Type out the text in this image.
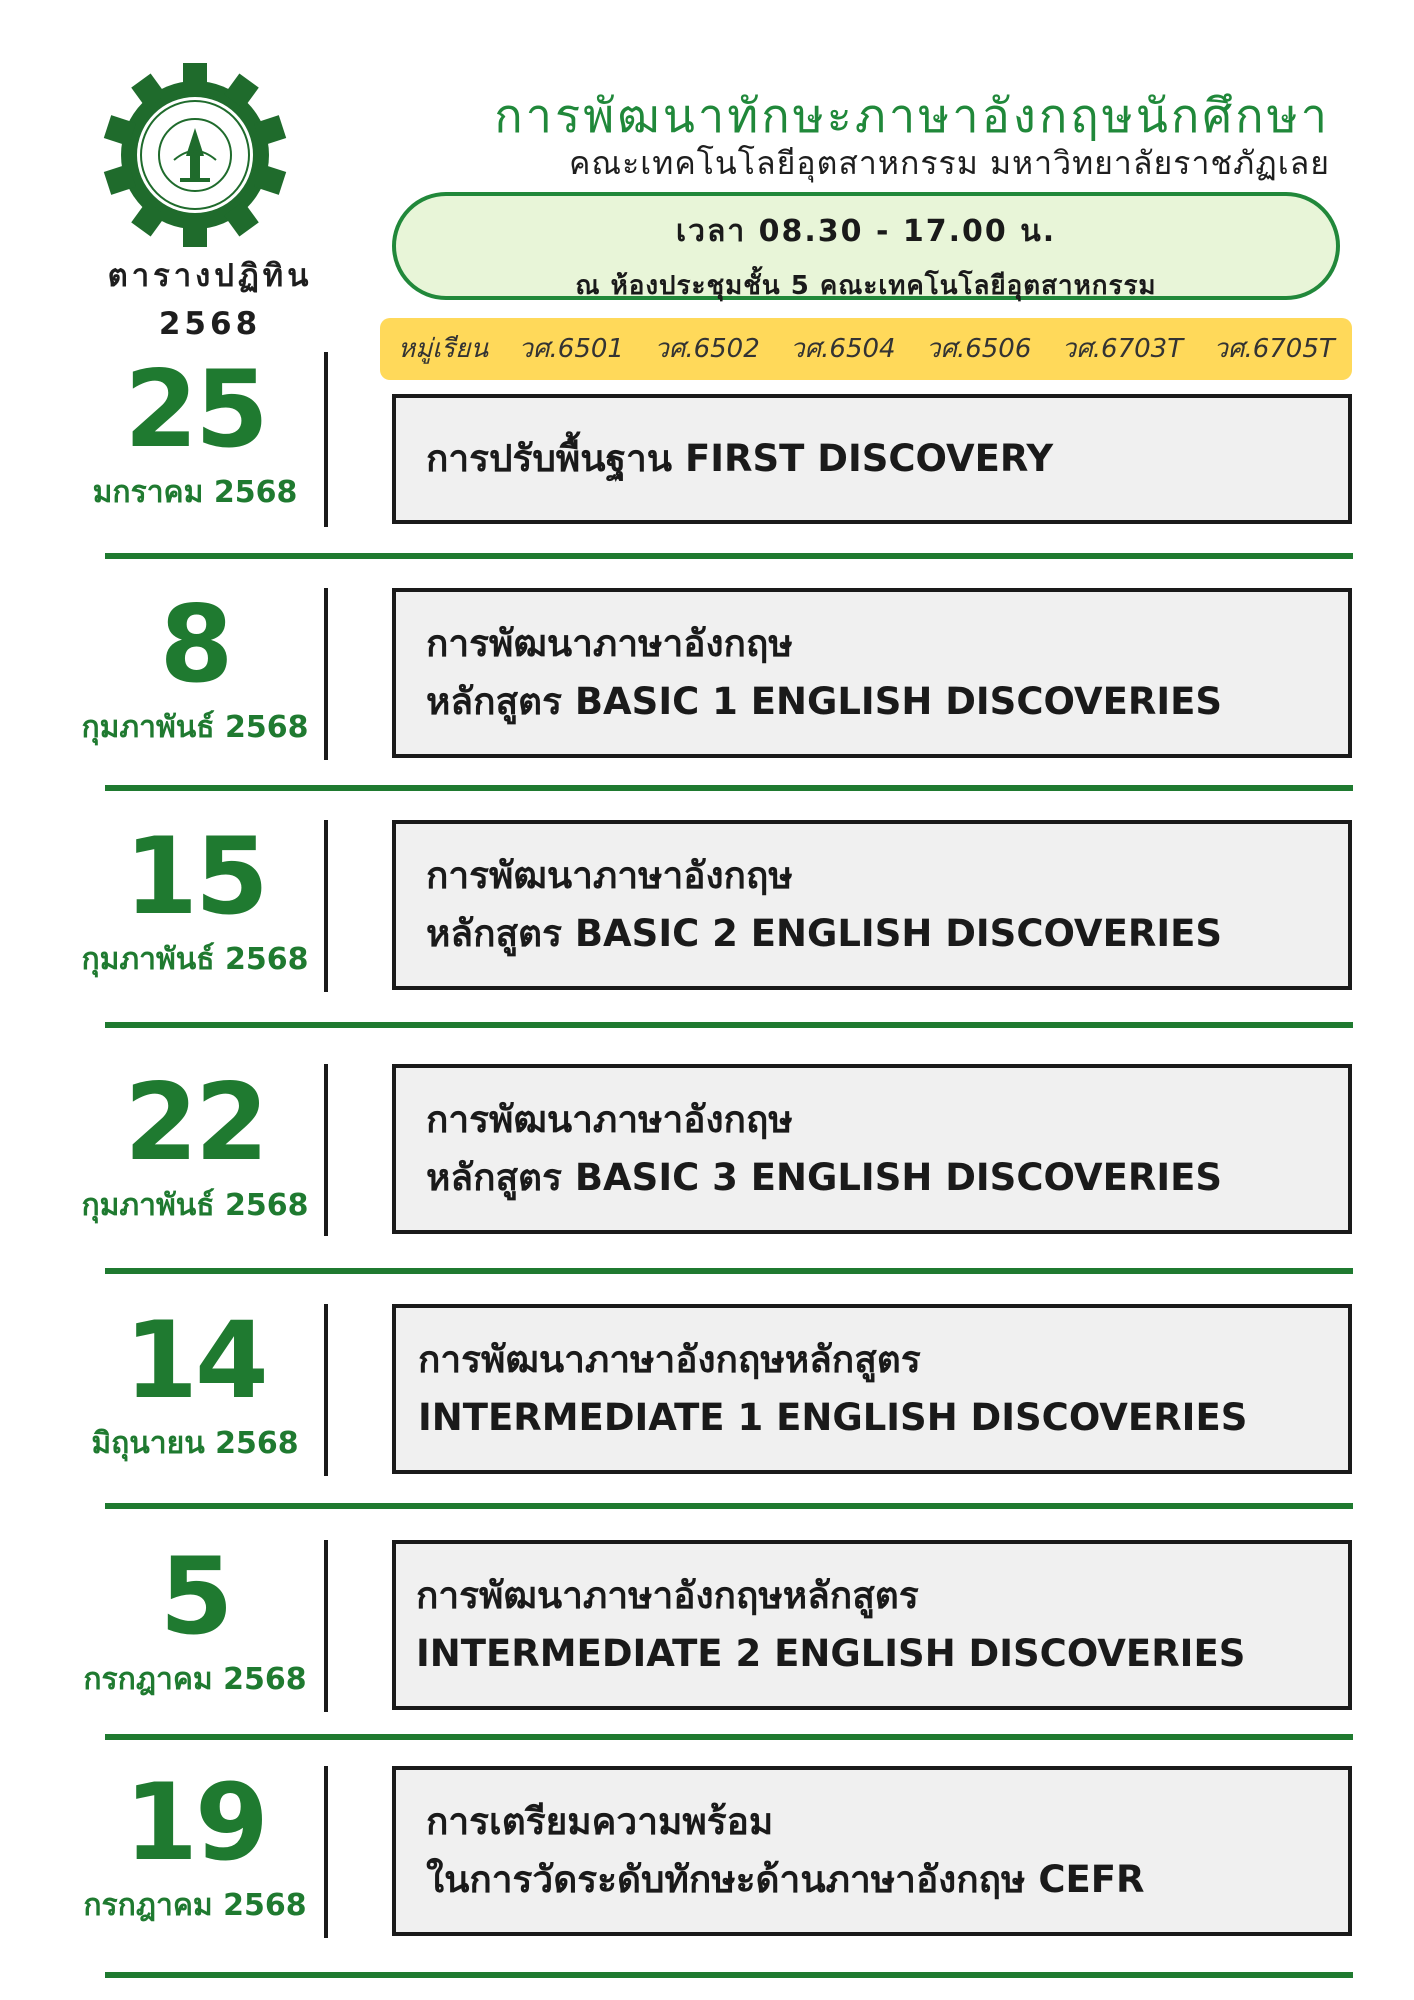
ตารางปฏิทิน
2568
การพัฒนาทักษะภาษาอังกฤษนักศึกษา
คณะเทคโนโลยีอุตสาหกรรม มหาวิทยาลัยราชภัฏเลย
เวลา 08.30 - 17.00 น.
ณ ห้องประชุมชั้น 5 คณะเทคโนโลยีอุตสาหกรรม
หมู่เรียน วศ.6501 วศ.6502 วศ.6504 วศ.6506 วศ.6703T วศ.6705T
25
มกราคม 2568
การปรับพื้นฐาน FIRST DISCOVERY
8
กุมภาพันธ์ 2568
การพัฒนาภาษาอังกฤษ
หลักสูตร BASIC 1 ENGLISH DISCOVERIES
15
กุมภาพันธ์ 2568
การพัฒนาภาษาอังกฤษ
หลักสูตร BASIC 2 ENGLISH DISCOVERIES
22
กุมภาพันธ์ 2568
การพัฒนาภาษาอังกฤษ
หลักสูตร BASIC 3 ENGLISH DISCOVERIES
14
มิถุนายน 2568
การพัฒนาภาษาอังกฤษหลักสูตร
INTERMEDIATE 1 ENGLISH DISCOVERIES
5
กรกฎาคม 2568
การพัฒนาภาษาอังกฤษหลักสูตร
INTERMEDIATE 2 ENGLISH DISCOVERIES
19
กรกฎาคม 2568
การเตรียมความพร้อม
ในการวัดระดับทักษะด้านภาษาอังกฤษ CEFR
